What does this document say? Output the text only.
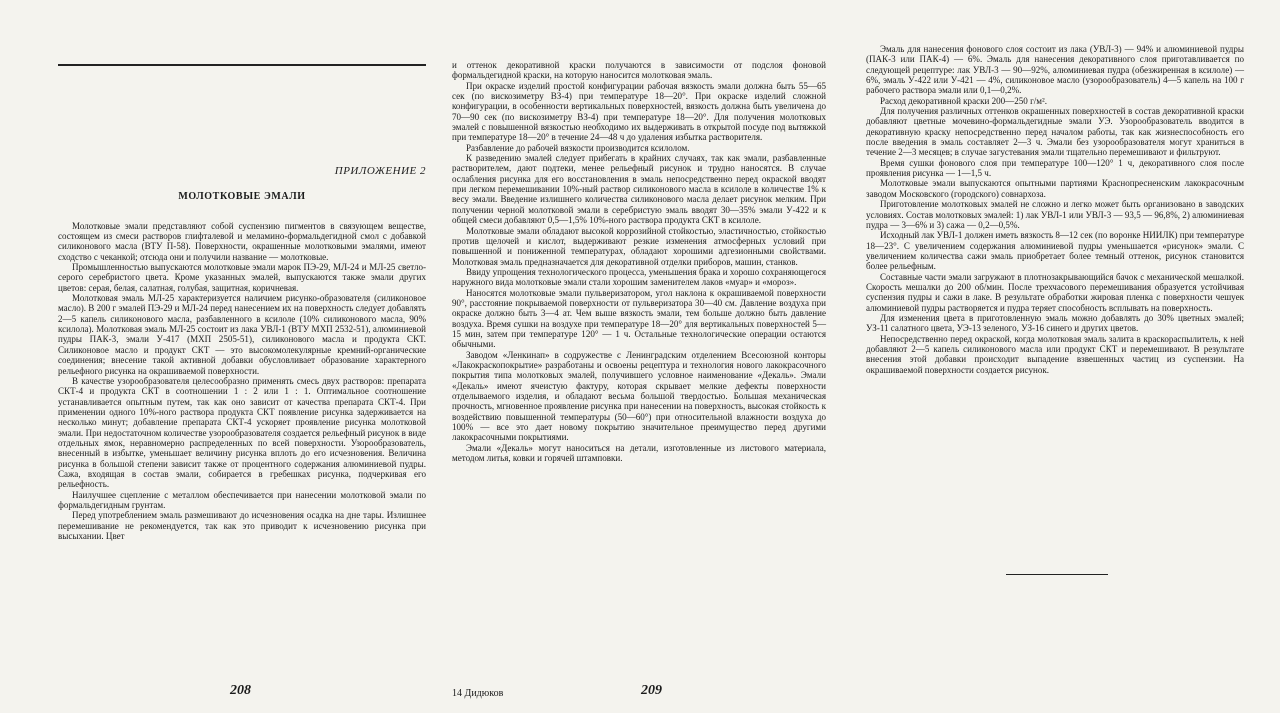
ПРИЛОЖЕНИЕ 2
МОЛОТКОВЫЕ ЭМАЛИ

Молотковые эмали представляют собой суспензию пигментов в связующем веществе, состоящем из смеси растворов глифталевой и меламино-формальдегидной смол с добавкой силиконового масла (ВТУ П-58). Поверхности, окрашенные молотковыми эмалями, имеют сходство с чеканкой; отсюда они и получили название — молотковые.

Промышленностью выпускаются молотковые эмали марок ПЭ-29, МЛ-24 и МЛ-25 светло-серого серебристого цвета. Кроме указанных эмалей, выпускаются также эмали других цветов: серая, белая, салатная, голубая, защитная, коричневая.

Молотковая эмаль МЛ-25 характеризуется наличием рисунко-образователя (силиконовое масло). В 200 г эмалей ПЭ-29 и МЛ-24 перед нанесением их на поверхность следует добавлять 2—5 капель силиконового масла, разбавленного в ксилоле (10% силиконового масла, 90% ксилола). Молотковая эмаль МЛ-25 состоит из лака УВЛ-1 (ВТУ МХП 2532-51), алюминиевой пудры ПАК-3, эмали У-417 (МХП 2505-51), силиконового масла и продукта СКТ. Силиконовое масло и продукт СКТ — это высокомолекулярные кремний-органические соединения; внесение такой активной добавки обусловливает образование характерного рельефного рисунка на окрашиваемой поверхности.

В качестве узорообразователя целесообразно применять смесь двух растворов: препарата СКТ-4 и продукта СКТ в соотношении 1 : 2 или 1 : 1. Оптимальное соотношение устанавливается опытным путем, так как оно зависит от качества препарата СКТ-4. При применении одного 10%-ного раствора продукта СКТ появление рисунка задерживается на несколько минут; добавление препарата СКТ-4 ускоряет проявление рисунка молотковой эмали. При недостаточном количестве узорообразователя создается рельефный рисунок в виде отдельных ямок, неравномерно распределенных по всей поверхности. Узорообразователь, внесенный в избытке, уменьшает величину рисунка вплоть до его исчезновения. Величина рисунка в большой степени зависит также от процентного содержания алюминиевой пудры. Сажа, входящая в состав эмали, собирается в гребешках рисунка, подчеркивая его рельефность.

Наилучшее сцепление с металлом обеспечивается при нанесении молотковой эмали по формальдегидным грунтам.

Перед употреблением эмаль размешивают до исчезновения осадка на дне тары. Излишнее перемешивание не рекомендуется, так как это приводит к исчезновению рисунка при высыхании. Цвет

208

и оттенок декоративной краски получаются в зависимости от подслоя фоновой формальдегидной краски, на которую наносится молотковая эмаль.

При окраске изделий простой конфигурации рабочая вязкость эмали должна быть 55—65 сек (по вискозиметру ВЗ-4) при температуре 18—20°. При окраске изделий сложной конфигурации, в особенности вертикальных поверхностей, вязкость должна быть увеличена до 70—90 сек (по вискозиметру ВЗ-4) при температуре 18—20°. Для получения молотковых эмалей с повышенной вязкостью необходимо их выдерживать в открытой посуде под вытяжкой при температуре 18—20° в течение 24—48 ч до удаления избытка растворителя.

Разбавление до рабочей вязкости производится ксилолом.

К разведению эмалей следует прибегать в крайних случаях, так как эмали, разбавленные растворителем, дают подтеки, менее рельефный рисунок и трудно наносятся. В случае ослабления рисунка для его восстановления в эмаль непосредственно перед окраской вводят при легком перемешивании 10%-ный раствор силиконового масла в ксилоле в количестве 1% к весу эмали. Введение излишнего количества силиконового масла делает рисунок мелким. При получении черной молотковой эмали в серебристую эмаль вводят 30—35% эмали У-422 и к общей смеси добавляют 0,5—1,5% 10%-ного раствора продукта СКТ в ксилоле.

Молотковые эмали обладают высокой коррозийной стойкостью, эластичностью, стойкостью против щелочей и кислот, выдерживают резкие изменения атмосферных условий при повышенной и пониженной температурах, обладают хорошими адгезионными свойствами. Молотковая эмаль предназначается для декоративной отделки приборов, машин, станков.

Ввиду упрощения технологического процесса, уменьшения брака и хорошо сохраняющегося наружного вида молотковые эмали стали хорошим заменителем лаков «муар» и «мороз».

Наносятся молотковые эмали пульверизатором, угол наклона к окрашиваемой поверхности 90°, расстояние покрываемой поверхности от пульверизатора 30—40 см. Давление воздуха при окраске должно быть 3—4 ат. Чем выше вязкость эмали, тем больше должно быть давление воздуха. Время сушки на воздухе при температуре 18—20° для вертикальных поверхностей 5—15 мин, затем при температуре 120° — 1 ч. Остальные технологические операции остаются обычными.

Заводом «Ленкинап» в содружестве с Ленинградским отделением Всесоюзной конторы «Лакокраскопокрытие» разработаны и освоены рецептура и технология нового лакокрасочного покрытия типа молотковых эмалей, получившего условное наименование «Декаль». Эмали «Декаль» имеют ячеистую фактуру, которая скрывает мелкие дефекты поверхности отделываемого изделия, и обладают весьма большой твердостью. Большая механическая прочность, мгновенное проявление рисунка при нанесении на поверхность, высокая стойкость к воздействию повышенной температуры (50—60°) при относительной влажности воздуха до 100% — все это дает новому покрытию значительное преимущество перед другими лакокрасочными покрытиями.

Эмали «Декаль» могут наноситься на детали, изготовленные из листового материала, методом литья, ковки и горячей штамповки.

14 Дидюков	209

Эмаль для нанесения фонового слоя состоит из лака (УВЛ-3) — 94% и алюминиевой пудры (ПАК-3 или ПАК-4) — 6%. Эмаль для нанесения декоративного слоя приготавливается по следующей рецептуре: лак УВЛ-3 — 90—92%, алюминиевая пудра (обезжиренная в ксилоле) — 6%, эмаль У-422 или У-421 — 4%, силиконовое масло (узорообразователь) 4—5 капель на 100 г рабочего раствора эмали или 0,1—0,2%.

Расход декоративной краски 200—250 г/м².

Для получения различных оттенков окрашенных поверхностей в состав декоративной краски добавляют цветные мочевино-формальдегидные эмали УЭ. Узорообразователь вводится в декоративную краску непосредственно перед началом работы, так как жизнеспособность его после введения в эмаль составляет 2—3 ч. Эмали без узорообразователя могут храниться в течение 2—3 месяцев; в случае загустевания эмали тщательно перемешивают и фильтруют.

Время сушки фонового слоя при температуре 100—120° 1 ч, декоративного слоя после проявления рисунка — 1—1,5 ч.

Молотковые эмали выпускаются опытными партиями Краснопресненским лакокрасочным заводом Московского (городского) совнархоза.

Приготовление молотковых эмалей не сложно и легко может быть организовано в заводских условиях. Состав молотковых эмалей: 1) лак УВЛ-1 или УВЛ-3 — 93,5 — 96,8%, 2) алюминиевая пудра — 3—6% и 3) сажа — 0,2—0,5%.

Исходный лак УВЛ-1 должен иметь вязкость 8—12 сек (по воронке НИИЛК) при температуре 18—23°. С увеличением содержания алюминиевой пудры уменьшается «рисунок» эмали. С увеличением количества сажи эмаль приобретает более темный оттенок, рисунок становится более рельефным.

Составные части эмали загружают в плотнозакрывающийся бачок с механической мешалкой. Скорость мешалки до 200 об/мин. После трехчасового перемешивания образуется устойчивая суспензия пудры и сажи в лаке. В результате обработки жировая пленка с поверхности чешуек алюминиевой пудры растворяется и пудра теряет способность всплывать на поверхность.

Для изменения цвета в приготовленную эмаль можно добавлять до 30% цветных эмалей; УЗ-11 салатного цвета, УЭ-13 зеленого, УЗ-16 синего и других цветов.

Непосредственно перед окраской, когда молотковая эмаль залита в краскораспылитель, к ней добавляют 2—5 капель силиконового масла или продукт СКТ и перемешивают. В результате внесения этой добавки происходит выпадение взвешенных частиц из суспензии. На окрашиваемой поверхности создается рисунок.
